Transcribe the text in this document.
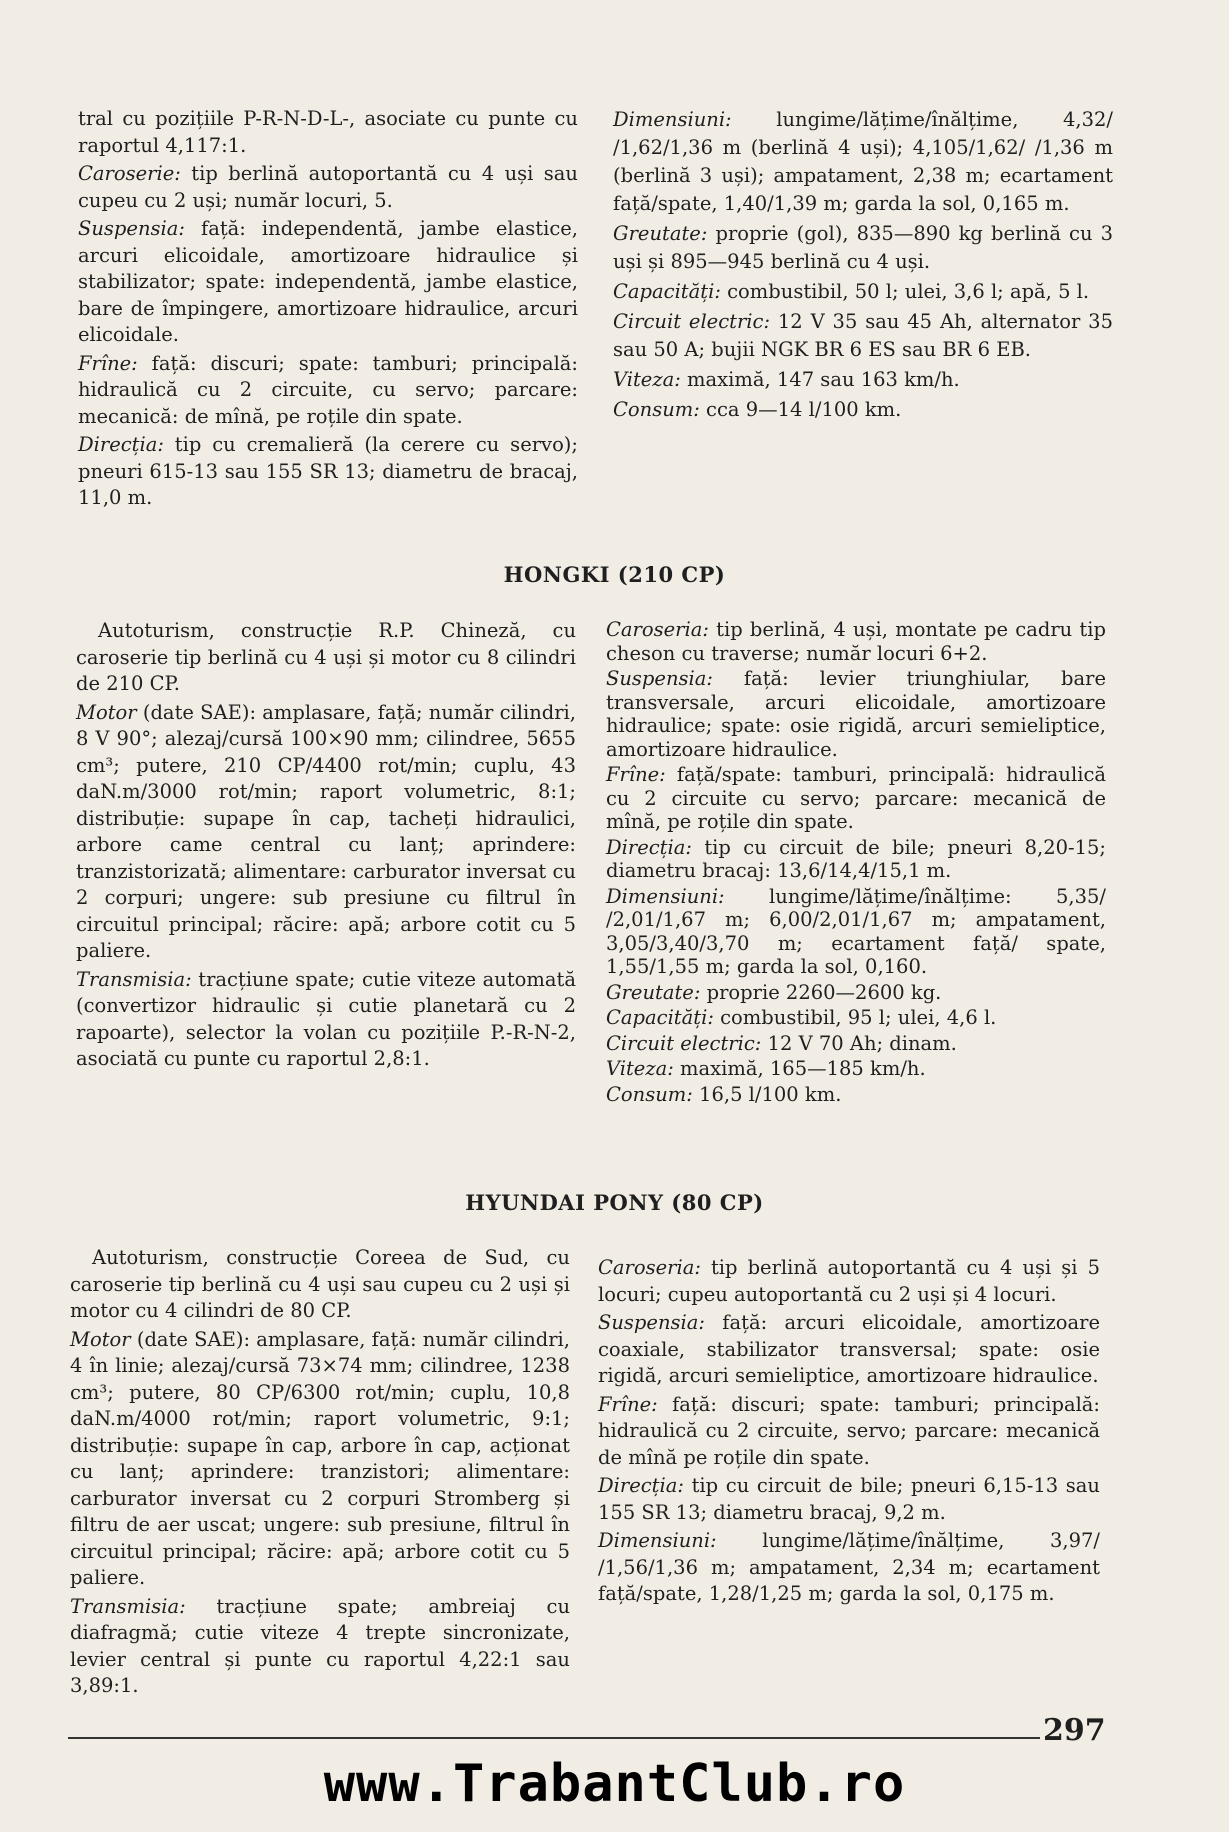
tral cu pozițiile P-R-N-D-L-, asociate cu punte cu raportul 4,117:1.

Caroserie: tip berlină autoportantă cu 4 uși sau cupeu cu 2 uși; număr locuri, 5.

Suspensia: față: independentă, jambe elastice, arcuri elicoidale, amortizoare hidraulice și stabilizator; spate: independentă, jambe elastice, bare de împingere, amortizoare hidraulice, arcuri elicoidale.

Frîne: față: discuri; spate: tamburi; principală: hidraulică cu 2 circuite, cu servo; parcare: mecanică: de mînă, pe roțile din spate.

Direcția: tip cu cremalieră (la cerere cu servo); pneuri 615-13 sau 155 SR 13; diametru de bracaj, 11,0 m.

Dimensiuni: lungime/lățime/înălțime, 4,32/ /1,62/1,36 m (berlină 4 uși); 4,105/1,62/ /1,36 m (berlină 3 uși); ampatament, 2,38 m; ecartament față/spate, 1,40/1,39 m; garda la sol, 0,165 m.

Greutate: proprie (gol), 835—890 kg berlină cu 3 uși și 895—945 berlină cu 4 uși.

Capacități: combustibil, 50 l; ulei, 3,6 l; apă, 5 l.

Circuit electric: 12 V 35 sau 45 Ah, alternator 35 sau 50 A; bujii NGK BR 6 ES sau BR 6 EB.

Viteza: maximă, 147 sau 163 km/h.

Consum: cca 9—14 l/100 km.

HONGKI (210 CP)

Autoturism, construcție R.P. Chineză, cu caroserie tip berlină cu 4 uși și motor cu 8 cilindri de 210 CP.

Motor (date SAE): amplasare, față; număr cilindri, 8 V 90°; alezaj/cursă 100×90 mm; cilindree, 5655 cm³; putere, 210 CP/4400 rot/min; cuplu, 43 daN.m/3000 rot/min; raport volumetric, 8:1; distribuție: supape în cap, tacheți hidraulici, arbore came central cu lanț; aprindere: tranzistorizată; alimentare: carburator inversat cu 2 corpuri; ungere: sub presiune cu filtrul în circuitul principal; răcire: apă; arbore cotit cu 5 paliere.

Transmisia: tracțiune spate; cutie viteze automată (convertizor hidraulic și cutie planetară cu 2 rapoarte), selector la volan cu pozițiile P.-R-N-2, asociată cu punte cu raportul 2,8:1.

Caroseria: tip berlină, 4 uși, montate pe cadru tip cheson cu traverse; număr locuri 6+2.

Suspensia: față: levier triunghiular, bare transversale, arcuri elicoidale, amortizoare hidraulice; spate: osie rigidă, arcuri semieliptice, amortizoare hidraulice.

Frîne: față/spate: tamburi, principală: hidraulică cu 2 circuite cu servo; parcare: mecanică de mînă, pe roțile din spate.

Direcția: tip cu circuit de bile; pneuri 8,20-15; diametru bracaj: 13,6/14,4/15,1 m.

Dimensiuni: lungime/lățime/înălțime: 5,35/ /2,01/1,67 m; 6,00/2,01/1,67 m; ampatament, 3,05/3,40/3,70 m; ecartament față/ spate, 1,55/1,55 m; garda la sol, 0,160.

Greutate: proprie 2260—2600 kg.

Capacități: combustibil, 95 l; ulei, 4,6 l.

Circuit electric: 12 V 70 Ah; dinam.

Viteza: maximă, 165—185 km/h.

Consum: 16,5 l/100 km.

HYUNDAI PONY (80 CP)

Autoturism, construcție Coreea de Sud, cu caroserie tip berlină cu 4 uși sau cupeu cu 2 uși și motor cu 4 cilindri de 80 CP.

Motor (date SAE): amplasare, față: număr cilindri, 4 în linie; alezaj/cursă 73×74 mm; cilindree, 1238 cm³; putere, 80 CP/6300 rot/min; cuplu, 10,8 daN.m/4000 rot/min; raport volumetric, 9:1; distribuție: supape în cap, arbore în cap, acționat cu lanț; aprindere: tranzistori; alimentare: carburator inversat cu 2 corpuri Stromberg și filtru de aer uscat; ungere: sub presiune, filtrul în circuitul principal; răcire: apă; arbore cotit cu 5 paliere.

Transmisia: tracțiune spate; ambreiaj cu diafragmă; cutie viteze 4 trepte sincronizate, levier central și punte cu raportul 4,22:1 sau 3,89:1.

Caroseria: tip berlină autoportantă cu 4 uși și 5 locuri; cupeu autoportantă cu 2 uși și 4 locuri.

Suspensia: față: arcuri elicoidale, amortizoare coaxiale, stabilizator transversal; spate: osie rigidă, arcuri semieliptice, amortizoare hidraulice.

Frîne: față: discuri; spate: tamburi; principală: hidraulică cu 2 circuite, servo; parcare: mecanică de mînă pe roțile din spate.

Direcția: tip cu circuit de bile; pneuri 6,15-13 sau 155 SR 13; diametru bracaj, 9,2 m.

Dimensiuni: lungime/lățime/înălțime, 3,97/ /1,56/1,36 m; ampatament, 2,34 m; ecartament față/spate, 1,28/1,25 m; garda la sol, 0,175 m.

297
www.TrabantClub.ro
